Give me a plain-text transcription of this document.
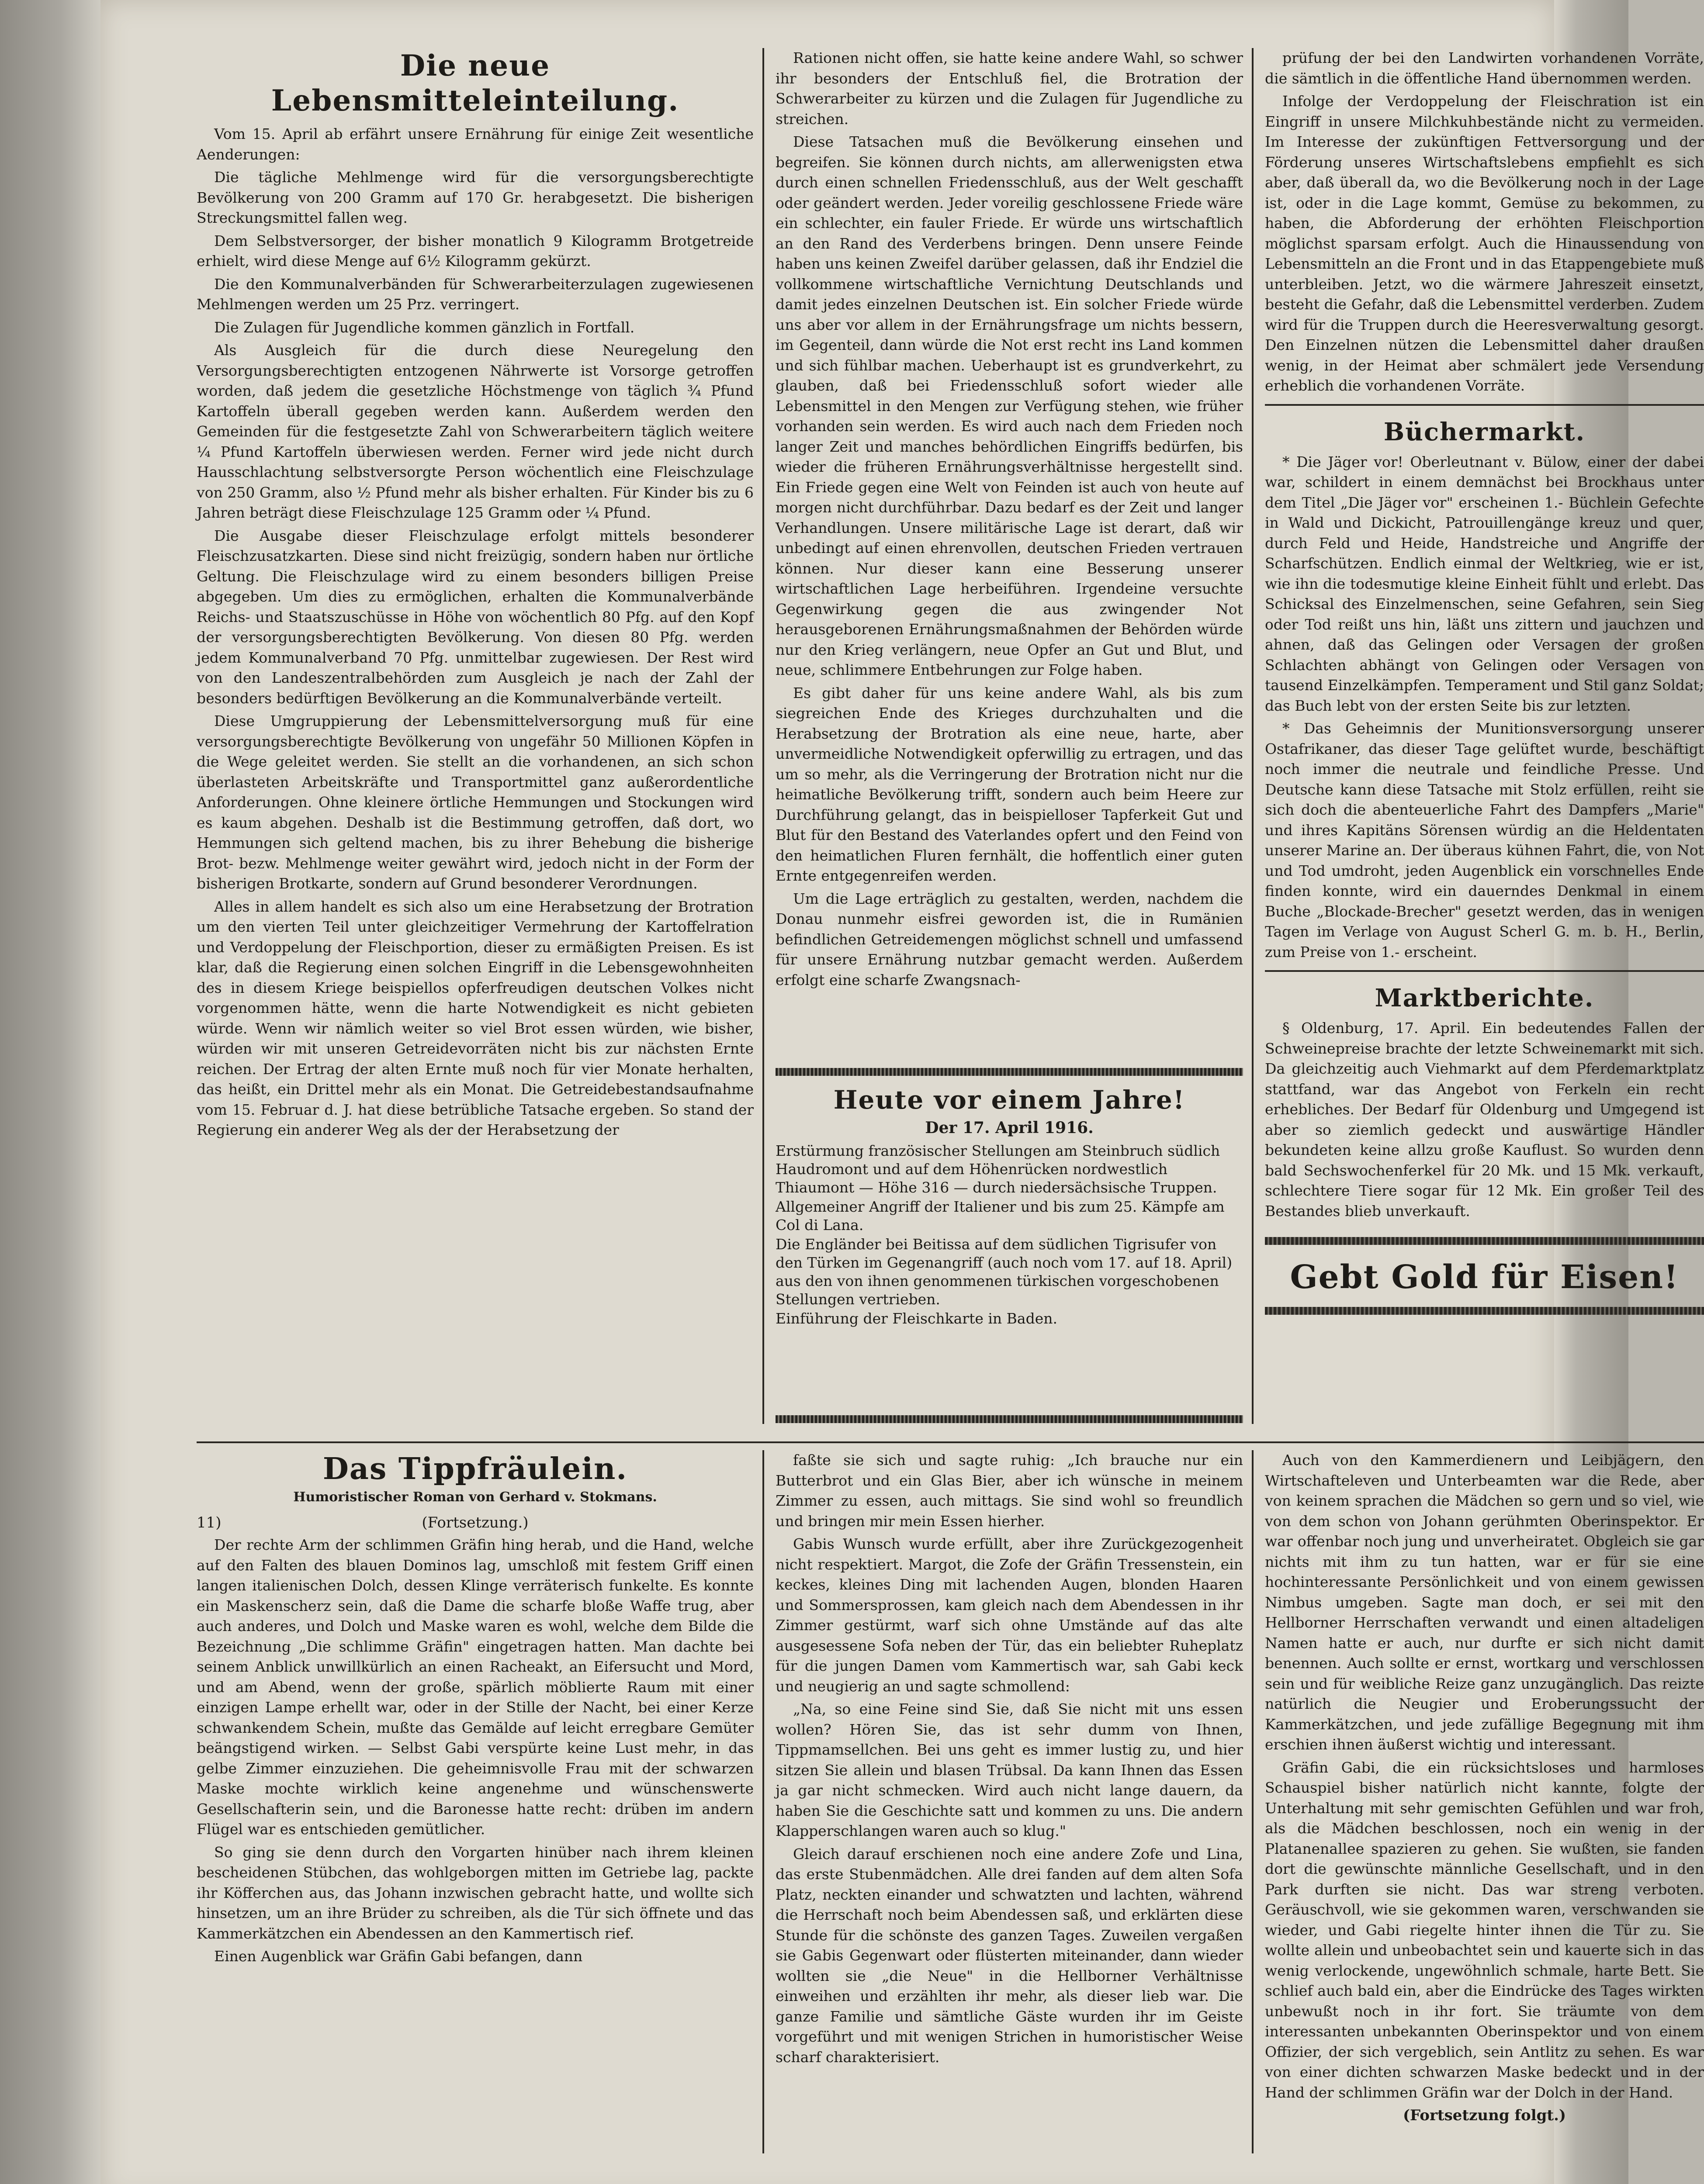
Die neue Lebensmitteleinteilung.

Vom 15. April ab erfährt unsere Ernährung für einige Zeit wesentliche Aenderungen:

Die tägliche Mehlmenge wird für die versorgungsberechtigte Bevölkerung von 200 Gramm auf 170 Gr. herabgesetzt. Die bisherigen Streckungsmittel fallen weg.

Dem Selbstversorger, der bisher monatlich 9 Kilogramm Brotgetreide erhielt, wird diese Menge auf 6½ Kilogramm gekürzt.

Die den Kommunalverbänden für Schwerarbeiterzulagen zugewiesenen Mehlmengen werden um 25 Prz. verringert.

Die Zulagen für Jugendliche kommen gänzlich in Fortfall.

Als Ausgleich für die durch diese Neuregelung den Versorgungsberechtigten entzogenen Nährwerte ist Vorsorge getroffen worden, daß jedem die gesetzliche Höchstmenge von täglich ¾ Pfund Kartoffeln überall gegeben werden kann. Außerdem werden den Gemeinden für die festgesetzte Zahl von Schwerarbeitern täglich weitere ¼ Pfund Kartoffeln überwiesen werden. Ferner wird jede nicht durch Hausschlachtung selbstversorgte Person wöchentlich eine Fleischzulage von 250 Gramm, also ½ Pfund mehr als bisher erhalten. Für Kinder bis zu 6 Jahren beträgt diese Fleischzulage 125 Gramm oder ¼ Pfund.

Die Ausgabe dieser Fleischzulage erfolgt mittels besonderer Fleischzusatzkarten. Diese sind nicht freizügig, sondern haben nur örtliche Geltung. Die Fleischzulage wird zu einem besonders billigen Preise abgegeben. Um dies zu ermöglichen, erhalten die Kommunalverbände Reichs- und Staatszuschüsse in Höhe von wöchentlich 80 Pfg. auf den Kopf der versorgungsberechtigten Bevölkerung. Von diesen 80 Pfg. werden jedem Kommunalverband 70 Pfg. unmittelbar zugewiesen. Der Rest wird von den Landeszentralbehörden zum Ausgleich je nach der Zahl der besonders bedürftigen Bevölkerung an die Kommunalverbände verteilt.

Diese Umgruppierung der Lebensmittelversorgung muß für eine versorgungsberechtigte Bevölkerung von ungefähr 50 Millionen Köpfen in die Wege geleitet werden. Sie stellt an die vorhandenen, an sich schon überlasteten Arbeitskräfte und Transportmittel ganz außerordentliche Anforderungen. Ohne kleinere örtliche Hemmungen und Stockungen wird es kaum abgehen. Deshalb ist die Bestimmung getroffen, daß dort, wo Hemmungen sich geltend machen, bis zu ihrer Behebung die bisherige Brot- bezw. Mehlmenge weiter gewährt wird, jedoch nicht in der Form der bisherigen Brotkarte, sondern auf Grund besonderer Verordnungen.

Alles in allem handelt es sich also um eine Herabsetzung der Brotration um den vierten Teil unter gleichzeitiger Vermehrung der Kartoffelration und Verdoppelung der Fleischportion, dieser zu ermäßigten Preisen. Es ist klar, daß die Regierung einen solchen Eingriff in die Lebensgewohnheiten des in diesem Kriege beispiellos opferfreudigen deutschen Volkes nicht vorgenommen hätte, wenn die harte Notwendigkeit es nicht gebieten würde. Wenn wir nämlich weiter so viel Brot essen würden, wie bisher, würden wir mit unseren Getreidevorräten nicht bis zur nächsten Ernte reichen. Der Ertrag der alten Ernte muß noch für vier Monate herhalten, das heißt, ein Drittel mehr als ein Monat. Die Getreidebestandsaufnahme vom 15. Februar d. J. hat diese betrübliche Tatsache ergeben. So stand der Regierung ein anderer Weg als der der Herabsetzung der

Rationen nicht offen, sie hatte keine andere Wahl, so schwer ihr besonders der Entschluß fiel, die Brotration der Schwerarbeiter zu kürzen und die Zulagen für Jugendliche zu streichen.

Diese Tatsachen muß die Bevölkerung einsehen und begreifen. Sie können durch nichts, am allerwenigsten etwa durch einen schnellen Friedensschluß, aus der Welt geschafft oder geändert werden. Jeder voreilig geschlossene Friede wäre ein schlechter, ein fauler Friede. Er würde uns wirtschaftlich an den Rand des Verderbens bringen. Denn unsere Feinde haben uns keinen Zweifel darüber gelassen, daß ihr Endziel die vollkommene wirtschaftliche Vernichtung Deutschlands und damit jedes einzelnen Deutschen ist. Ein solcher Friede würde uns aber vor allem in der Ernährungsfrage um nichts bessern, im Gegenteil, dann würde die Not erst recht ins Land kommen und sich fühlbar machen. Ueberhaupt ist es grundverkehrt, zu glauben, daß bei Friedensschluß sofort wieder alle Lebensmittel in den Mengen zur Verfügung stehen, wie früher vorhanden sein werden. Es wird auch nach dem Frieden noch langer Zeit und manches behördlichen Eingriffs bedürfen, bis wieder die früheren Ernährungsverhältnisse hergestellt sind. Ein Friede gegen eine Welt von Feinden ist auch von heute auf morgen nicht durchführbar. Dazu bedarf es der Zeit und langer Verhandlungen. Unsere militärische Lage ist derart, daß wir unbedingt auf einen ehrenvollen, deutschen Frieden vertrauen können. Nur dieser kann eine Besserung unserer wirtschaftlichen Lage herbeiführen. Irgendeine versuchte Gegenwirkung gegen die aus zwingender Not herausgeborenen Ernährungsmaßnahmen der Behörden würde nur den Krieg verlängern, neue Opfer an Gut und Blut, und neue, schlimmere Entbehrungen zur Folge haben.

Es gibt daher für uns keine andere Wahl, als bis zum siegreichen Ende des Krieges durchzuhalten und die Herabsetzung der Brotration als eine neue, harte, aber unvermeidliche Notwendigkeit opferwillig zu ertragen, und das um so mehr, als die Verringerung der Brotration nicht nur die heimatliche Bevölkerung trifft, sondern auch beim Heere zur Durchführung gelangt, das in beispielloser Tapferkeit Gut und Blut für den Bestand des Vaterlandes opfert und den Feind von den heimatlichen Fluren fernhält, die hoffentlich einer guten Ernte entgegenreifen werden.

Um die Lage erträglich zu gestalten, werden, nachdem die Donau nunmehr eisfrei geworden ist, die in Rumänien befindlichen Getreidemengen möglichst schnell und umfassend für unsere Ernährung nutzbar gemacht werden. Außerdem erfolgt eine scharfe Zwangsnach-

Heute vor einem Jahre!
Der 17. April 1916.

Erstürmung französischer Stellungen am Steinbruch südlich Haudromont und auf dem Höhenrücken nordwestlich Thiaumont — Höhe 316 — durch niedersächsische Truppen.

Allgemeiner Angriff der Italiener und bis zum 25. Kämpfe am Col di Lana.

Die Engländer bei Beitissa auf dem südlichen Tigrisufer von den Türken im Gegenangriff (auch noch vom 17. auf 18. April) aus den von ihnen genommenen türkischen vorgeschobenen Stellungen vertrieben.

Einführung der Fleischkarte in Baden.

prüfung der bei den Landwirten vorhandenen Vorräte, die sämtlich in die öffentliche Hand übernommen werden.

Infolge der Verdoppelung der Fleischration ist ein Eingriff in unsere Milchkuhbestände nicht zu vermeiden. Im Interesse der zukünftigen Fettversorgung und der Förderung unseres Wirtschaftslebens empfiehlt es sich aber, daß überall da, wo die Bevölkerung noch in der Lage ist, oder in die Lage kommt, Gemüse zu bekommen, zu haben, die Abforderung der erhöhten Fleischportion möglichst sparsam erfolgt. Auch die Hinaussendung von Lebensmitteln an die Front und in das Etappengebiete muß unterbleiben. Jetzt, wo die wärmere Jahreszeit einsetzt, besteht die Gefahr, daß die Lebensmittel verderben. Zudem wird für die Truppen durch die Heeresverwaltung gesorgt. Den Einzelnen nützen die Lebensmittel daher draußen wenig, in der Heimat aber schmälert jede Versendung erheblich die vorhandenen Vorräte.

Büchermarkt.

* Die Jäger vor! Oberleutnant v. Bülow, einer der dabei war, schildert in einem demnächst bei Brockhaus unter dem Titel „Die Jäger vor" erscheinen 1.- Büchlein Gefechte in Wald und Dickicht, Patrouillengänge kreuz und quer, durch Feld und Heide, Handstreiche und Angriffe der Scharfschützen. Endlich einmal der Weltkrieg, wie er ist, wie ihn die todesmutige kleine Einheit fühlt und erlebt. Das Schicksal des Einzelmenschen, seine Gefahren, sein Sieg oder Tod reißt uns hin, läßt uns zittern und jauchzen und ahnen, daß das Gelingen oder Versagen der großen Schlachten abhängt von Gelingen oder Versagen von tausend Einzelkämpfen. Temperament und Stil ganz Soldat; das Buch lebt von der ersten Seite bis zur letzten.

* Das Geheimnis der Munitionsversorgung unserer Ostafrikaner, das dieser Tage gelüftet wurde, beschäftigt noch immer die neutrale und feindliche Presse. Und Deutsche kann diese Tatsache mit Stolz erfüllen, reiht sie sich doch die abenteuerliche Fahrt des Dampfers „Marie" und ihres Kapitäns Sörensen würdig an die Heldentaten unserer Marine an. Der überaus kühnen Fahrt, die, von Not und Tod umdroht, jeden Augenblick ein vorschnelles Ende finden konnte, wird ein dauerndes Denkmal in einem Buche „Blockade-Brecher" gesetzt werden, das in wenigen Tagen im Verlage von August Scherl G. m. b. H., Berlin, zum Preise von 1.- erscheint.

Marktberichte.

§ Oldenburg, 17. April. Ein bedeutendes Fallen der Schweinepreise brachte der letzte Schweinemarkt mit sich. Da gleichzeitig auch Viehmarkt auf dem Pferdemarktplatz stattfand, war das Angebot von Ferkeln ein recht erhebliches. Der Bedarf für Oldenburg und Umgegend ist aber so ziemlich gedeckt und auswärtige Händler bekundeten keine allzu große Kauflust. So wurden denn bald Sechswochenferkel für 20 Mk. und 15 Mk. verkauft, schlechtere Tiere sogar für 12 Mk. Ein großer Teil des Bestandes blieb unverkauft.

Gebt Gold für Eisen!
Das Tippfräulein.
Humoristischer Roman von Gerhard v. Stokmans.
11)	(Fortsetzung.)

Der rechte Arm der schlimmen Gräfin hing herab, und die Hand, welche auf den Falten des blauen Dominos lag, umschloß mit festem Griff einen langen italienischen Dolch, dessen Klinge verräterisch funkelte. Es konnte ein Maskenscherz sein, daß die Dame die scharfe bloße Waffe trug, aber auch anderes, und Dolch und Maske waren es wohl, welche dem Bilde die Bezeichnung „Die schlimme Gräfin" eingetragen hatten. Man dachte bei seinem Anblick unwillkürlich an einen Racheakt, an Eifersucht und Mord, und am Abend, wenn der große, spärlich möblierte Raum mit einer einzigen Lampe erhellt war, oder in der Stille der Nacht, bei einer Kerze schwankendem Schein, mußte das Gemälde auf leicht erregbare Gemüter beängstigend wirken. — Selbst Gabi verspürte keine Lust mehr, in das gelbe Zimmer einzuziehen. Die geheimnisvolle Frau mit der schwarzen Maske mochte wirklich keine angenehme und wünschenswerte Gesellschafterin sein, und die Baronesse hatte recht: drüben im andern Flügel war es entschieden gemütlicher.

So ging sie denn durch den Vorgarten hinüber nach ihrem kleinen bescheidenen Stübchen, das wohlgeborgen mitten im Getriebe lag, packte ihr Köfferchen aus, das Johann inzwischen gebracht hatte, und wollte sich hinsetzen, um an ihre Brüder zu schreiben, als die Tür sich öffnete und das Kammerkätzchen ein Abendessen an den Kammertisch rief.

Einen Augenblick war Gräfin Gabi befangen, dann

faßte sie sich und sagte ruhig: „Ich brauche nur ein Butterbrot und ein Glas Bier, aber ich wünsche in meinem Zimmer zu essen, auch mittags. Sie sind wohl so freundlich und bringen mir mein Essen hierher.

Gabis Wunsch wurde erfüllt, aber ihre Zurückgezogenheit nicht respektiert. Margot, die Zofe der Gräfin Tressenstein, ein keckes, kleines Ding mit lachenden Augen, blonden Haaren und Sommersprossen, kam gleich nach dem Abendessen in ihr Zimmer gestürmt, warf sich ohne Umstände auf das alte ausgesessene Sofa neben der Tür, das ein beliebter Ruheplatz für die jungen Damen vom Kammertisch war, sah Gabi keck und neugierig an und sagte schmollend:

„Na, so eine Feine sind Sie, daß Sie nicht mit uns essen wollen? Hören Sie, das ist sehr dumm von Ihnen, Tippmamsellchen. Bei uns geht es immer lustig zu, und hier sitzen Sie allein und blasen Trübsal. Da kann Ihnen das Essen ja gar nicht schmecken. Wird auch nicht lange dauern, da haben Sie die Geschichte satt und kommen zu uns. Die andern Klapperschlangen waren auch so klug."

Gleich darauf erschienen noch eine andere Zofe und Lina, das erste Stubenmädchen. Alle drei fanden auf dem alten Sofa Platz, neckten einander und schwatzten und lachten, während die Herrschaft noch beim Abendessen saß, und erklärten diese Stunde für die schönste des ganzen Tages. Zuweilen vergaßen sie Gabis Gegenwart oder flüsterten miteinander, dann wieder wollten sie „die Neue" in die Hellborner Verhältnisse einweihen und erzählten ihr mehr, als dieser lieb war. Die ganze Familie und sämtliche Gäste wurden ihr im Geiste vorgeführt und mit wenigen Strichen in humoristischer Weise scharf charakterisiert.

Auch von den Kammerdienern und Leibjägern, den Wirtschafteleven und Unterbeamten war die Rede, aber von keinem sprachen die Mädchen so gern und so viel, wie von dem schon von Johann gerühmten Oberinspektor. Er war offenbar noch jung und unverheiratet. Obgleich sie gar nichts mit ihm zu tun hatten, war er für sie eine hochinteressante Persönlichkeit und von einem gewissen Nimbus umgeben. Sagte man doch, er sei mit den Hellborner Herrschaften verwandt und einen altadeligen Namen hatte er auch, nur durfte er sich nicht damit benennen. Auch sollte er ernst, wortkarg und verschlossen sein und für weibliche Reize ganz unzugänglich. Das reizte natürlich die Neugier und Eroberungssucht der Kammerkätzchen, und jede zufällige Begegnung mit ihm erschien ihnen äußerst wichtig und interessant.

Gräfin Gabi, die ein rücksichtsloses und harmloses Schauspiel bisher natürlich nicht kannte, folgte der Unterhaltung mit sehr gemischten Gefühlen und war froh, als die Mädchen beschlossen, noch ein wenig in der Platanenallee spazieren zu gehen. Sie wußten, sie fanden dort die gewünschte männliche Gesellschaft, und in den Park durften sie nicht. Das war streng verboten. Geräuschvoll, wie sie gekommen waren, verschwanden sie wieder, und Gabi riegelte hinter ihnen die Tür zu. Sie wollte allein und unbeobachtet sein und kauerte sich in das wenig verlockende, ungewöhnlich schmale, harte Bett. Sie schlief auch bald ein, aber die Eindrücke des Tages wirkten unbewußt noch in ihr fort. Sie träumte von dem interessanten unbekannten Oberinspektor und von einem Offizier, der sich vergeblich, sein Antlitz zu sehen. Es war von einer dichten schwarzen Maske bedeckt und in der Hand der schlimmen Gräfin war der Dolch in der Hand.

(Fortsetzung folgt.)
